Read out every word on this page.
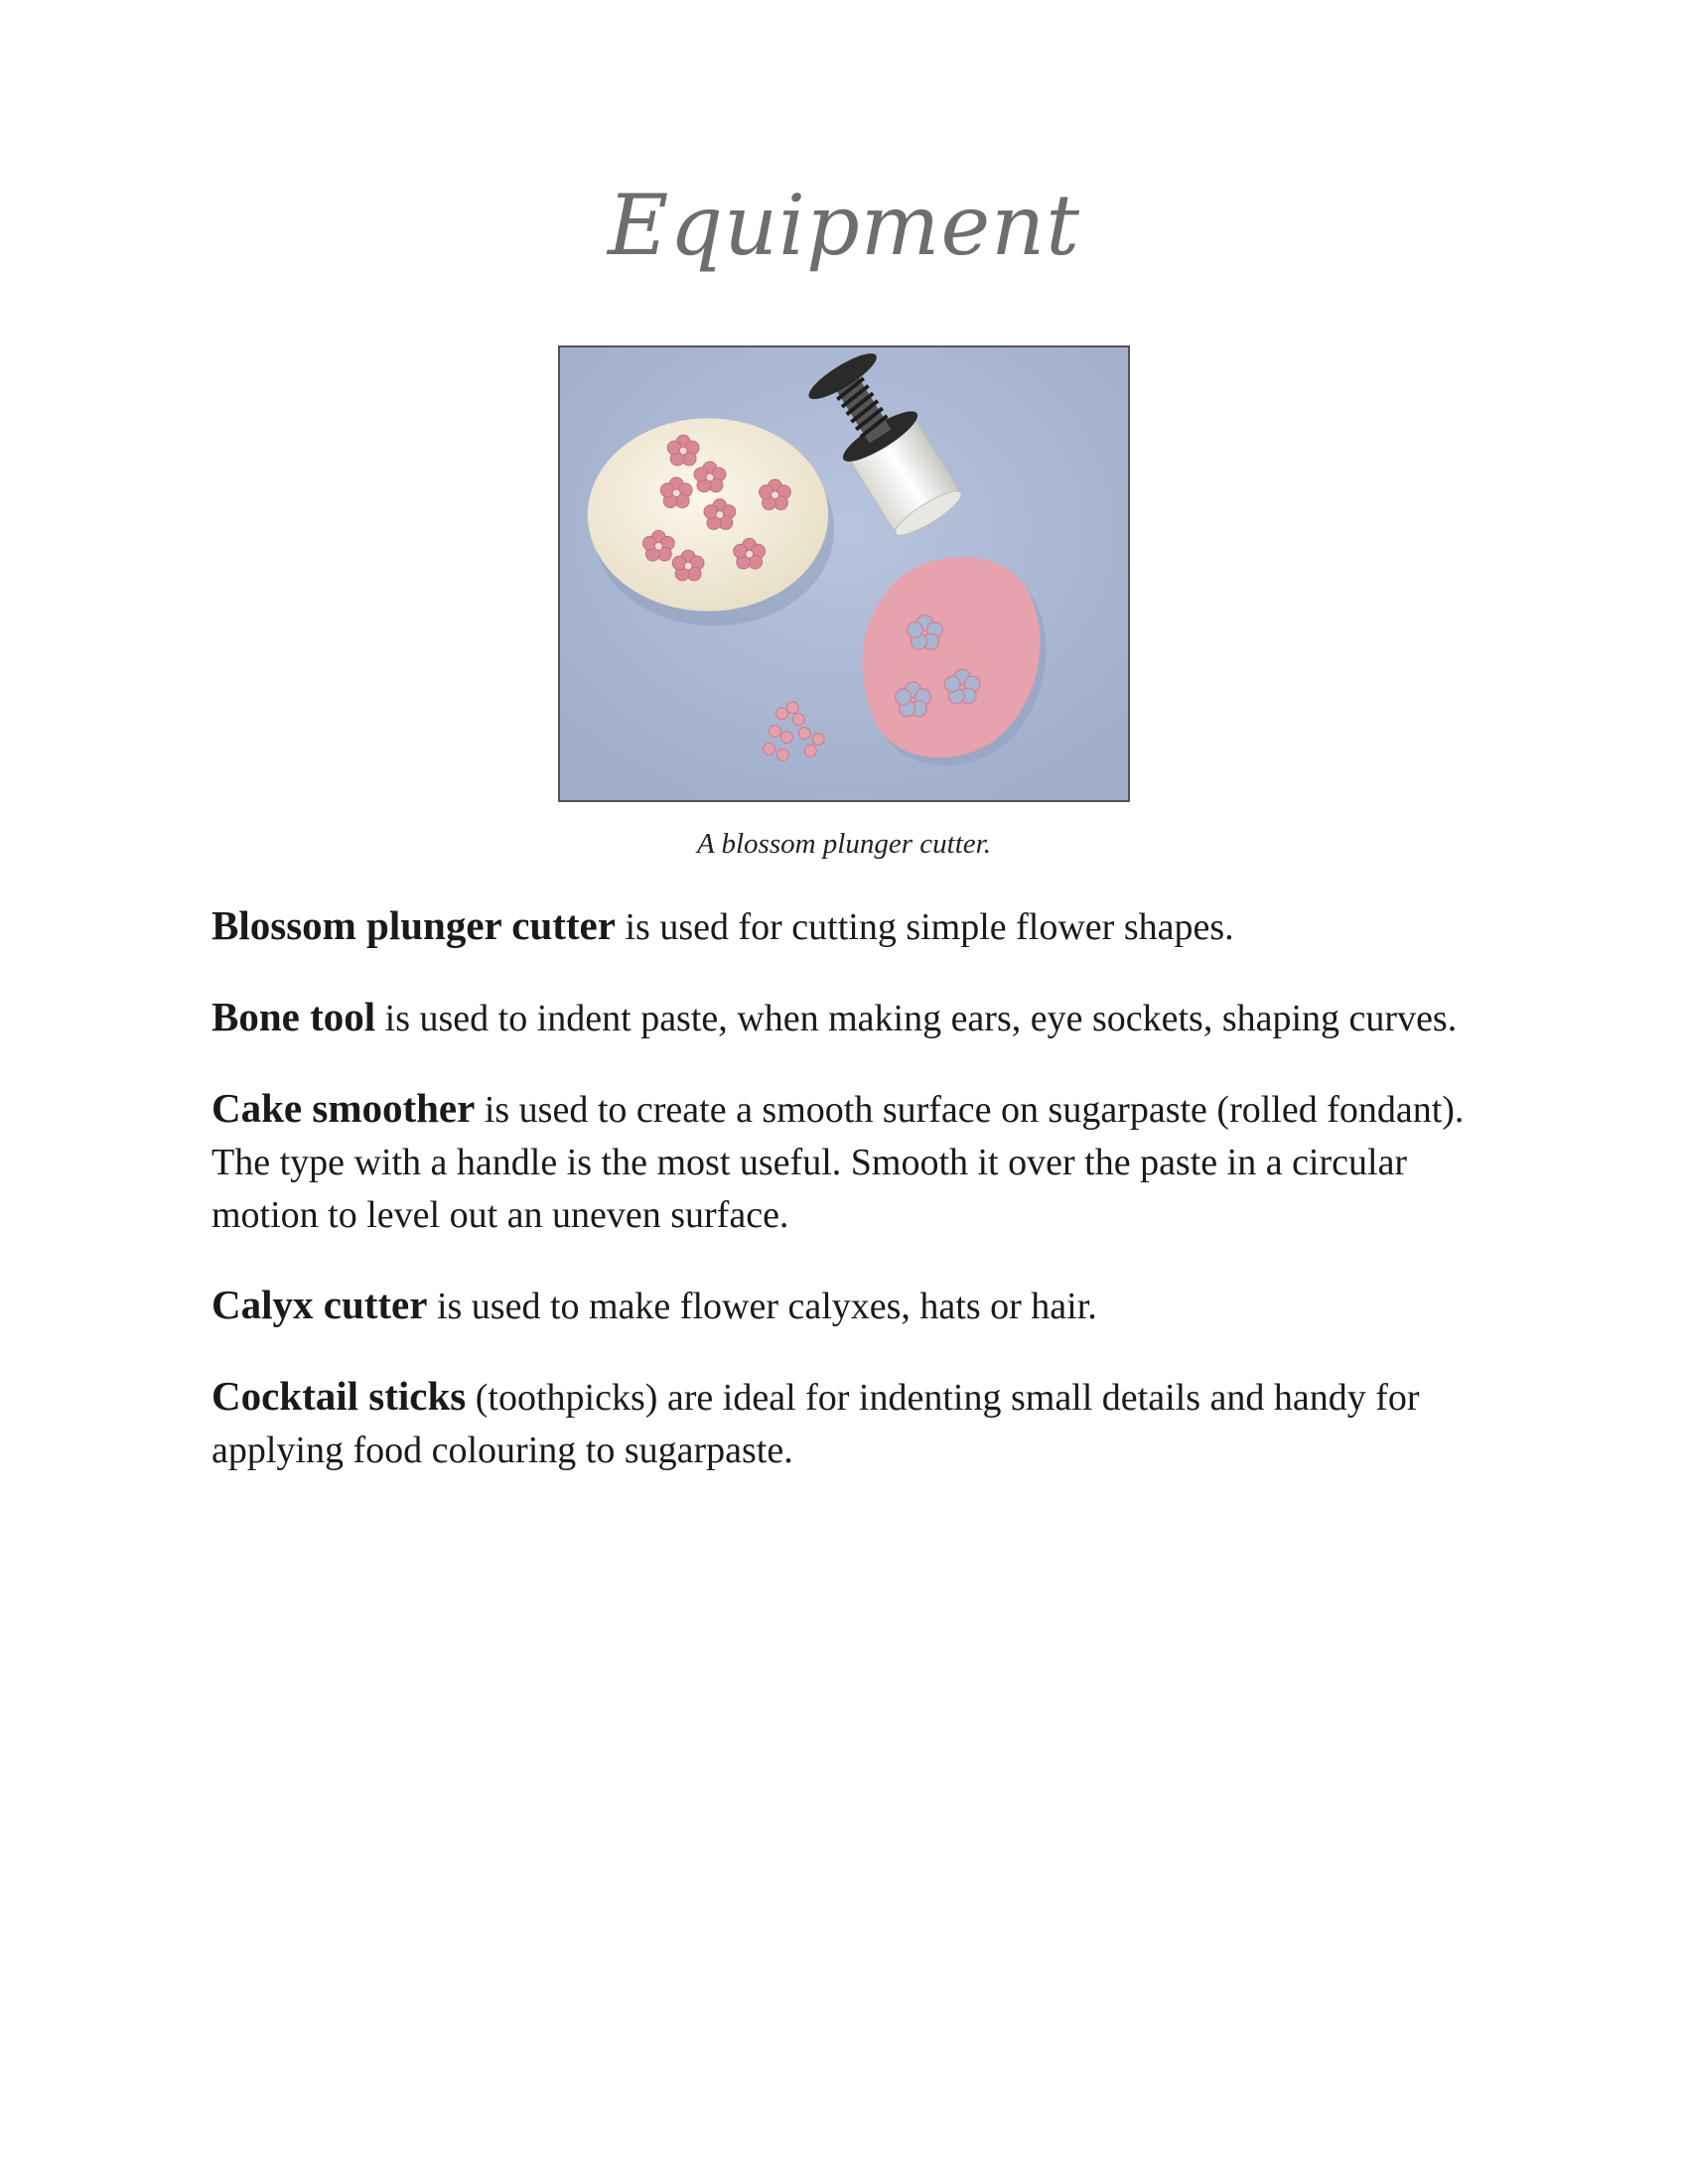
Equipment
A blossom plunger cutter.

Blossom plunger cutter is used for cutting simple flower shapes.

Bone tool is used to indent paste, when making ears, eye sockets, shaping curves.

Cake smoother is used to create a smooth surface on sugarpaste (rolled fondant). The type with a handle is the most useful. Smooth it over the paste in a circular motion to level out an uneven surface.

Calyx cutter is used to make flower calyxes, hats or hair.

Cocktail sticks (toothpicks) are ideal for indenting small details and handy for applying food colouring to sugarpaste.
